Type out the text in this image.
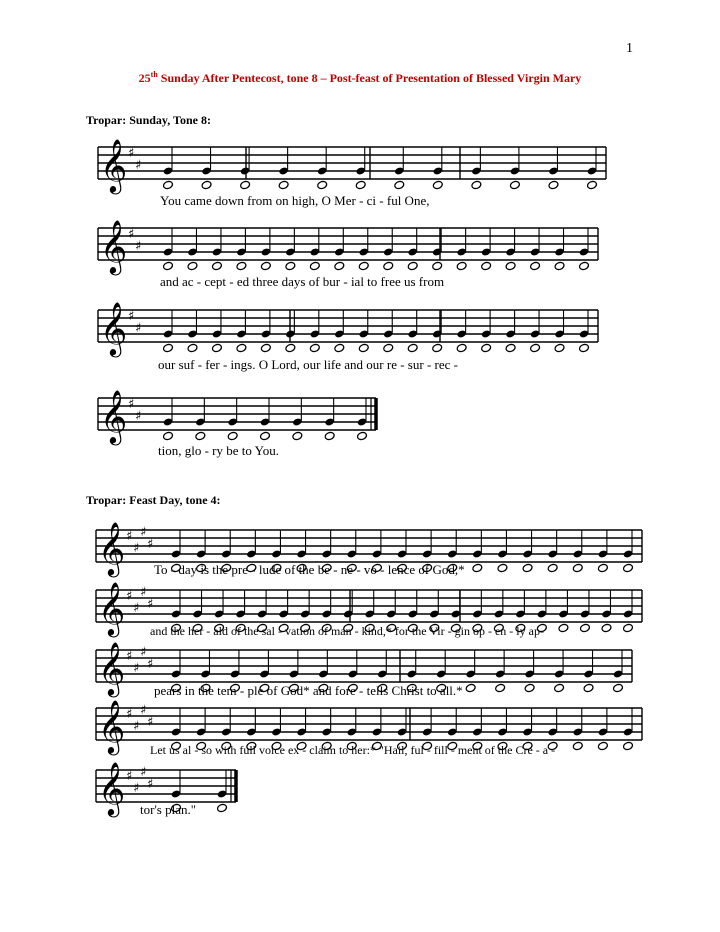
1
25th Sunday After Pentecost, tone 8 – Post-feast of Presentation of Blessed Virgin Mary
Tropar: Sunday, Tone 8:
Tropar: Feast Day, tone 4:
𝄞 ♯
♯
𝄞 ♯
♯
𝄞 ♯
♯
𝄞 ♯
♯
𝄞 ♯
♯
♯
♯
𝄞 ♯
♯
♯
♯
𝄞 ♯
♯
♯
♯
𝄞 ♯
♯
♯
♯
𝄞 ♯
♯
♯
♯
You came down from on high, O Mer - ci - ful One,
and ac - cept - ed three days of bur - ial to free us from
our suf - fer - ings. O Lord, our life and our re - sur - rec -
tion, glo - ry be to You.
To - day is the pre - lude of the be - ne - vo - lence of God,*
and the her - ald of the sal - vation of man - kind,* for the Vir - gin op - en - ly ap-
pears in the tem - ple of God* and fore - tells Christ to all.*
Let us al - so with full voice ex - claim to her:* "Hail, ful - fill - ment of the Cre - a -
tor's plan."
